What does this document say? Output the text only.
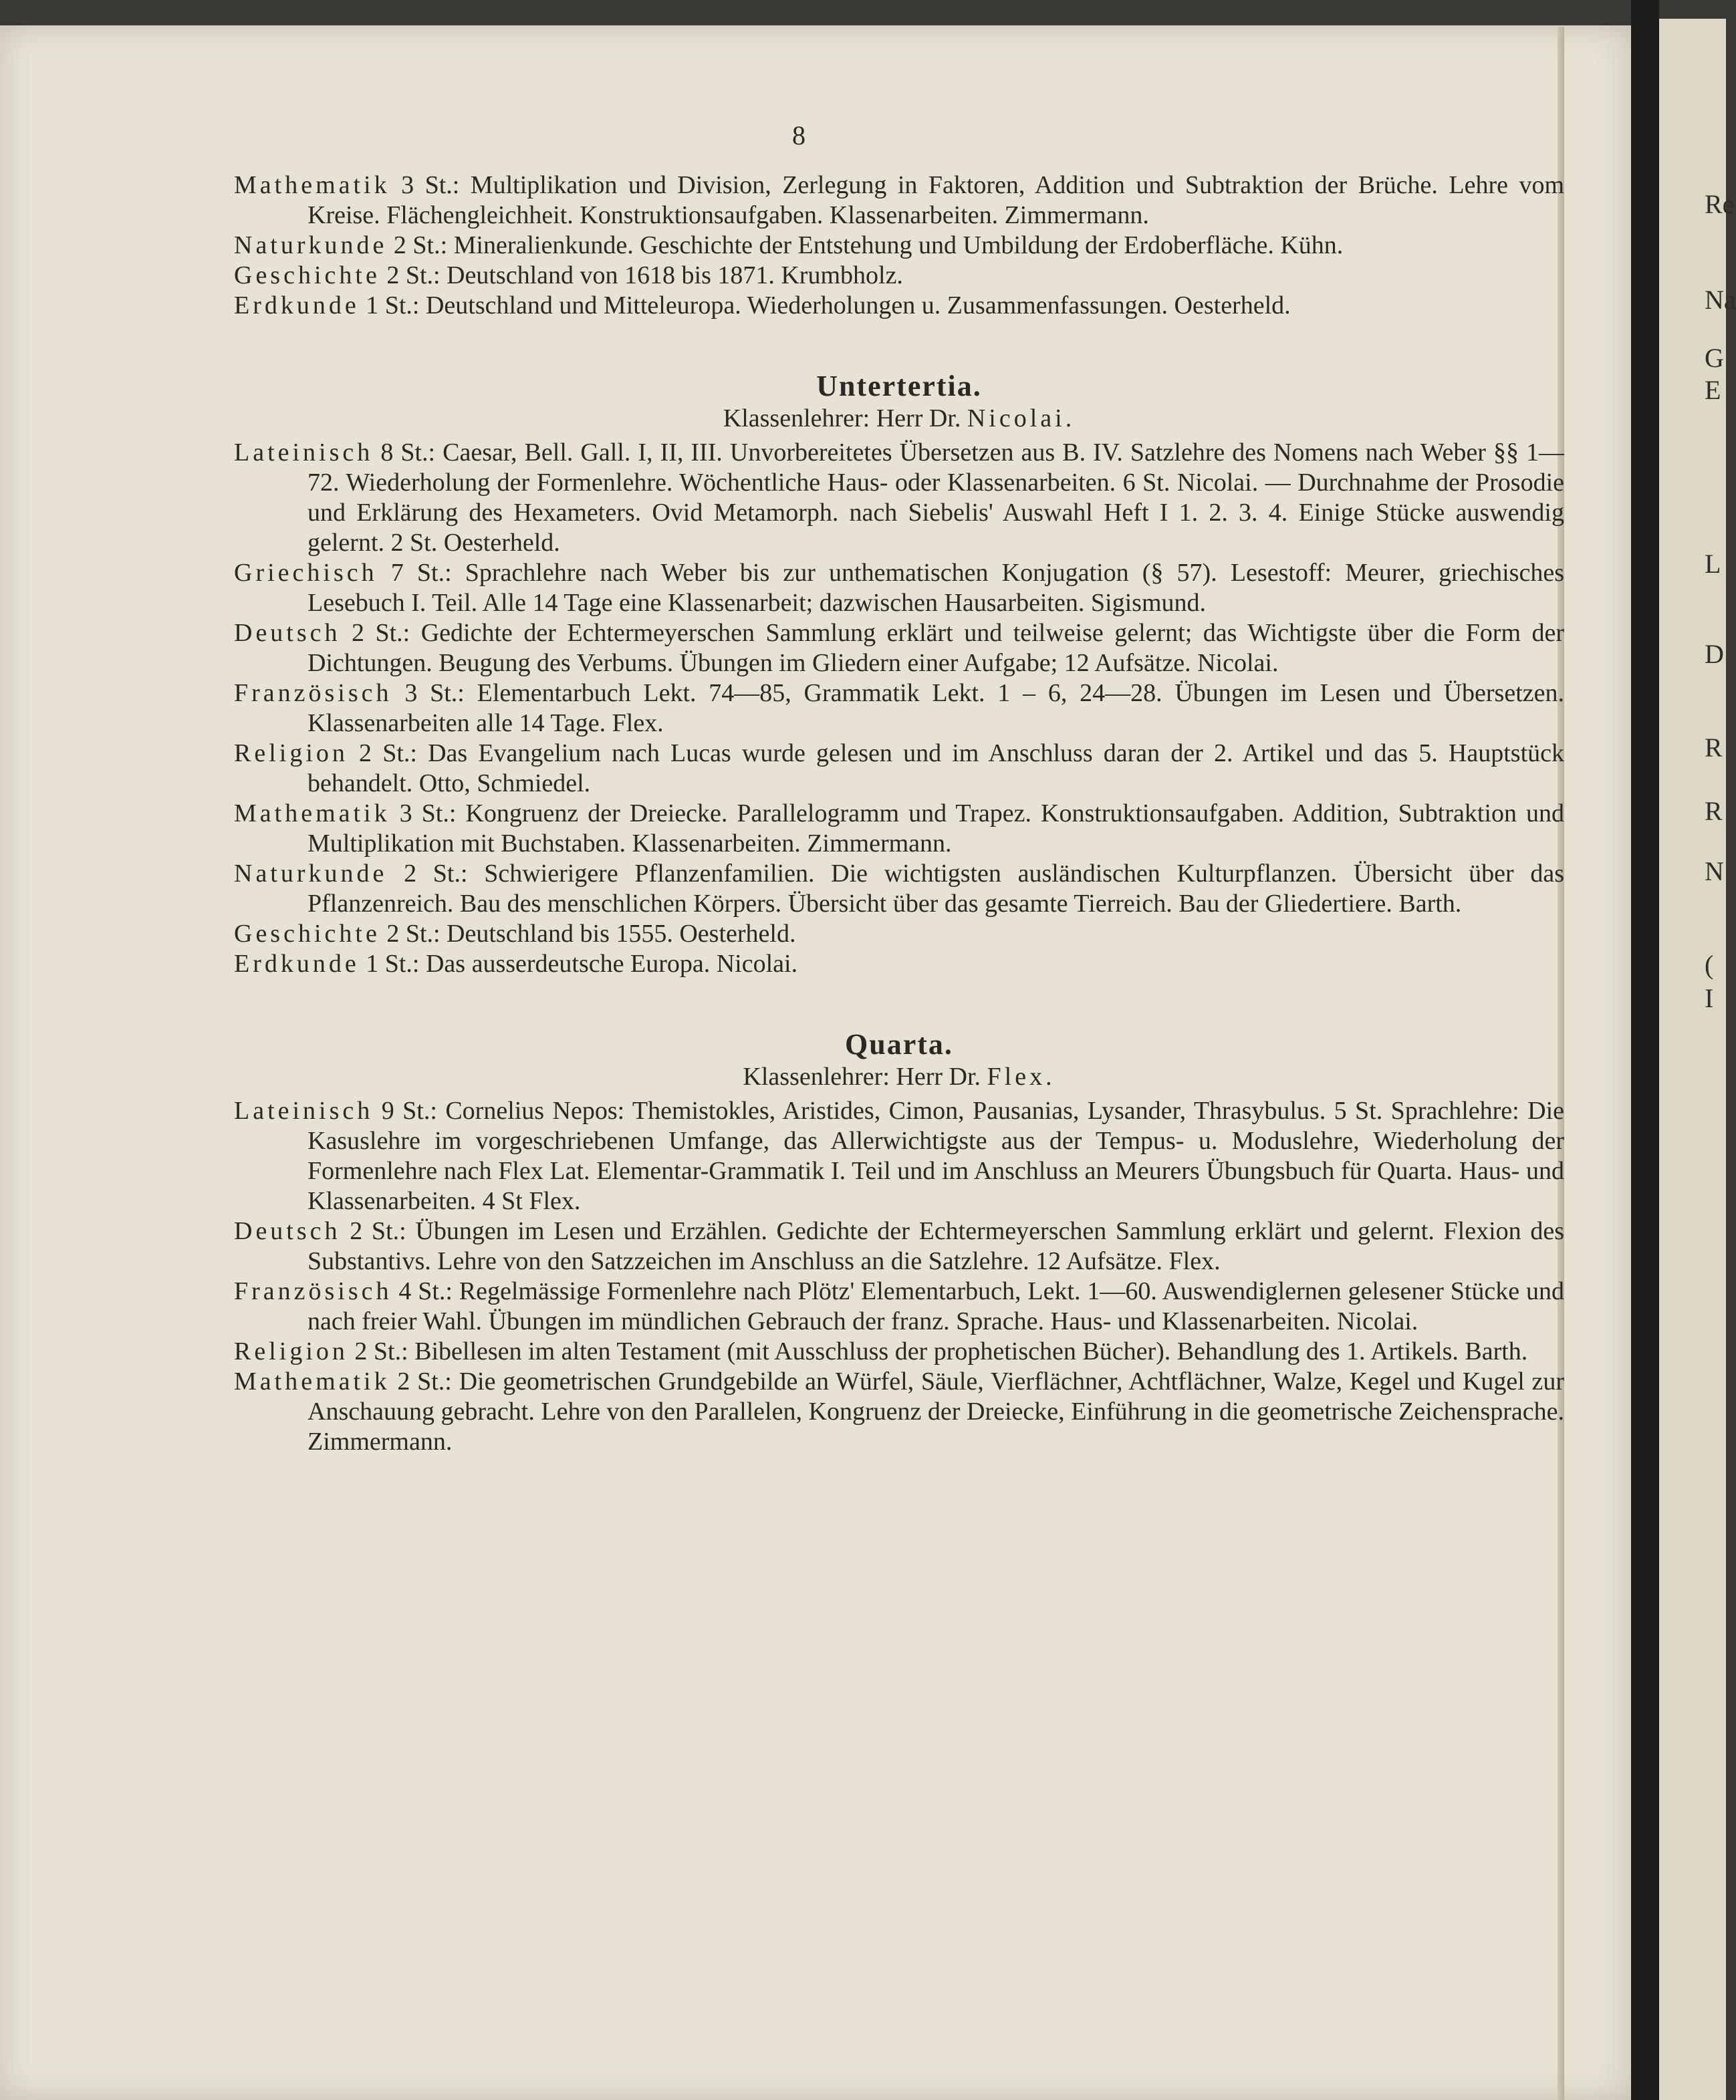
Re
Na
G
E
L
D
R
R
N
(
I
8

Mathematik 3 St.: Multiplikation und Division, Zerlegung in Faktoren, Addition und Subtraktion der Brüche. Lehre vom Kreise. Flächengleichheit. Konstruktionsaufgaben. Klassenarbeiten. Zimmermann.

Naturkunde 2 St.: Mineralienkunde. Geschichte der Entstehung und Umbildung der Erdoberfläche. Kühn.

Geschichte 2 St.: Deutschland von 1618 bis 1871. Krumbholz.

Erdkunde 1 St.: Deutschland und Mitteleuropa. Wiederholungen u. Zusammenfassungen. Oesterheld.

Untertertia.
Klassenlehrer: Herr Dr. Nicolai.

Lateinisch 8 St.: Caesar, Bell. Gall. I, II, III. Unvorbereitetes Übersetzen aus B. IV. Satzlehre des Nomens nach Weber §§ 1—72. Wiederholung der Formenlehre. Wöchentliche Haus- oder Klassenarbeiten. 6 St. Nicolai. — Durchnahme der Prosodie und Erklärung des Hexameters. Ovid Metamorph. nach Siebelis' Auswahl Heft I 1. 2. 3. 4. Einige Stücke auswendig gelernt. 2 St. Oesterheld.

Griechisch 7 St.: Sprachlehre nach Weber bis zur unthematischen Konjugation (§ 57). Lesestoff: Meurer, griechisches Lesebuch I. Teil. Alle 14 Tage eine Klassenarbeit; dazwischen Hausarbeiten. Sigismund.

Deutsch 2 St.: Gedichte der Echtermeyerschen Sammlung erklärt und teilweise gelernt; das Wichtigste über die Form der Dichtungen. Beugung des Verbums. Übungen im Gliedern einer Aufgabe; 12 Aufsätze. Nicolai.

Französisch 3 St.: Elementarbuch Lekt. 74—85, Grammatik Lekt. 1 – 6, 24—28. Übungen im Lesen und Übersetzen. Klassenarbeiten alle 14 Tage. Flex.

Religion 2 St.: Das Evangelium nach Lucas wurde gelesen und im Anschluss daran der 2. Artikel und das 5. Hauptstück behandelt. Otto, Schmiedel.

Mathematik 3 St.: Kongruenz der Dreiecke. Parallelogramm und Trapez. Konstruktionsaufgaben. Addition, Subtraktion und Multiplikation mit Buchstaben. Klassenarbeiten. Zimmermann.

Naturkunde 2 St.: Schwierigere Pflanzenfamilien. Die wichtigsten ausländischen Kulturpflanzen. Übersicht über das Pflanzenreich. Bau des menschlichen Körpers. Übersicht über das gesamte Tierreich. Bau der Gliedertiere. Barth.

Geschichte 2 St.: Deutschland bis 1555. Oesterheld.

Erdkunde 1 St.: Das ausserdeutsche Europa. Nicolai.

Quarta.
Klassenlehrer: Herr Dr. Flex.

Lateinisch 9 St.: Cornelius Nepos: Themistokles, Aristides, Cimon, Pausanias, Lysander, Thrasybulus. 5 St. Sprachlehre: Die Kasuslehre im vorgeschriebenen Umfange, das Allerwichtigste aus der Tempus- u. Moduslehre, Wiederholung der Formenlehre nach Flex Lat. Elementar-Grammatik I. Teil und im Anschluss an Meurers Übungsbuch für Quarta. Haus- und Klassenarbeiten. 4 St Flex.

Deutsch 2 St.: Übungen im Lesen und Erzählen. Gedichte der Echtermeyerschen Sammlung erklärt und gelernt. Flexion des Substantivs. Lehre von den Satzzeichen im Anschluss an die Satzlehre. 12 Aufsätze. Flex.

Französisch 4 St.: Regelmässige Formenlehre nach Plötz' Elementarbuch, Lekt. 1—60. Auswendiglernen gelesener Stücke und nach freier Wahl. Übungen im mündlichen Gebrauch der franz. Sprache. Haus- und Klassenarbeiten. Nicolai.

Religion 2 St.: Bibellesen im alten Testament (mit Ausschluss der prophetischen Bücher). Behandlung des 1. Artikels. Barth.

Mathematik 2 St.: Die geometrischen Grundgebilde an Würfel, Säule, Vierflächner, Achtflächner, Walze, Kegel und Kugel zur Anschauung gebracht. Lehre von den Parallelen, Kongruenz der Dreiecke, Einführung in die geometrische Zeichensprache. Zimmermann.
